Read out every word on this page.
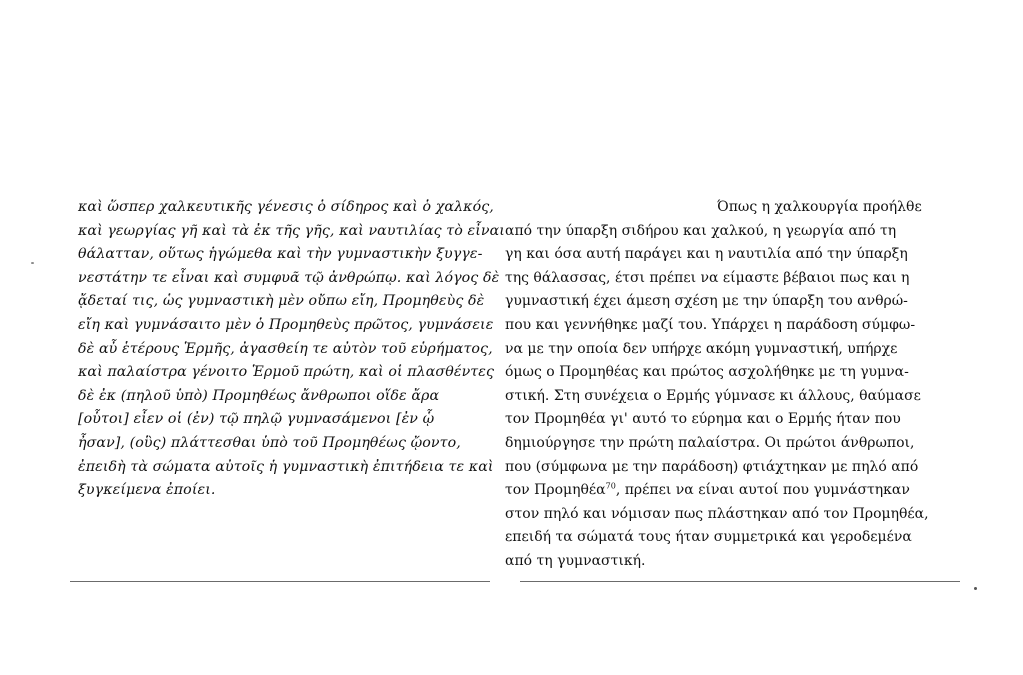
καὶ ὥσπερ χαλκευτικῆς γένεσις ὁ σίδηρος καὶ ὁ χαλκός,
καὶ γεωργίας γῆ καὶ τὰ ἐκ τῆς γῆς, καὶ ναυτιλίας τὸ εἶναι
θάλατταν, οὕτως ἡγώμεθα καὶ τὴν γυμναστικὴν ξυγγε-
νεστάτην τε εἶναι καὶ συμφυᾶ τῷ ἀνθρώπῳ. καὶ λόγος δὲ
ᾄδεταί τις, ὡς γυμναστικὴ μὲν οὔπω εἴη, Προμηθεὺς δὲ
εἴη καὶ γυμνάσαιτο μὲν ὁ Προμηθεὺς πρῶτος, γυμνάσειε
δὲ αὖ ἑτέρους Ἑρμῆς, ἀγασθείη τε αὐτὸν τοῦ εὑρήματος,
καὶ παλαίστρα γένοιτο Ἑρμοῦ πρώτη, καὶ οἱ πλασθέντες
δὲ ἐκ (πηλοῦ ὑπὸ) Προμηθέως ἄνθρωποι οἵδε ἄρα
[οὗτοι] εἶεν οἱ (ἐν) τῷ πηλῷ γυμνασάμενοι [ἐν ᾧ
ἦσαν], (οὓς) πλάττεσθαι ὑπὸ τοῦ Προμηθέως ᾤοντο,
ἐπειδὴ τὰ σώματα αὐτοῖς ἡ γυμναστικὴ ἐπιτήδεια τε καὶ
ξυγκείμενα ἐποίει.
Όπως η χαλκουργία προήλθε
από την ύπαρξη σιδήρου και χαλκού, η γεωργία από τη
γη και όσα αυτή παράγει και η ναυτιλία από την ύπαρξη
της θάλασσας, έτσι πρέπει να είμαστε βέβαιοι πως και η
γυμναστική έχει άμεση σχέση με την ύπαρξη του ανθρώ-
που και γεννήθηκε μαζί του. Υπάρχει η παράδοση σύμφω-
να με την οποία δεν υπήρχε ακόμη γυμναστική, υπήρχε
όμως ο Προμηθέας και πρώτος ασχολήθηκε με τη γυμνα-
στική. Στη συνέχεια ο Ερμής γύμνασε κι άλλους, θαύμασε
τον Προμηθέα γι' αυτό το εύρημα και ο Ερμής ήταν που
δημιούργησε την πρώτη παλαίστρα. Οι πρώτοι άνθρωποι,
που (σύμφωνα με την παράδοση) φτιάχτηκαν με πηλό από
τον Προμηθέα$^{70}$, πρέπει να είναι αυτοί που γυμνάστηκαν
στον πηλό και νόμισαν πως πλάστηκαν από τον Προμηθέα,
επειδή τα σώματά τους ήταν συμμετρικά και γεροδεμένα
από τη γυμναστική.
